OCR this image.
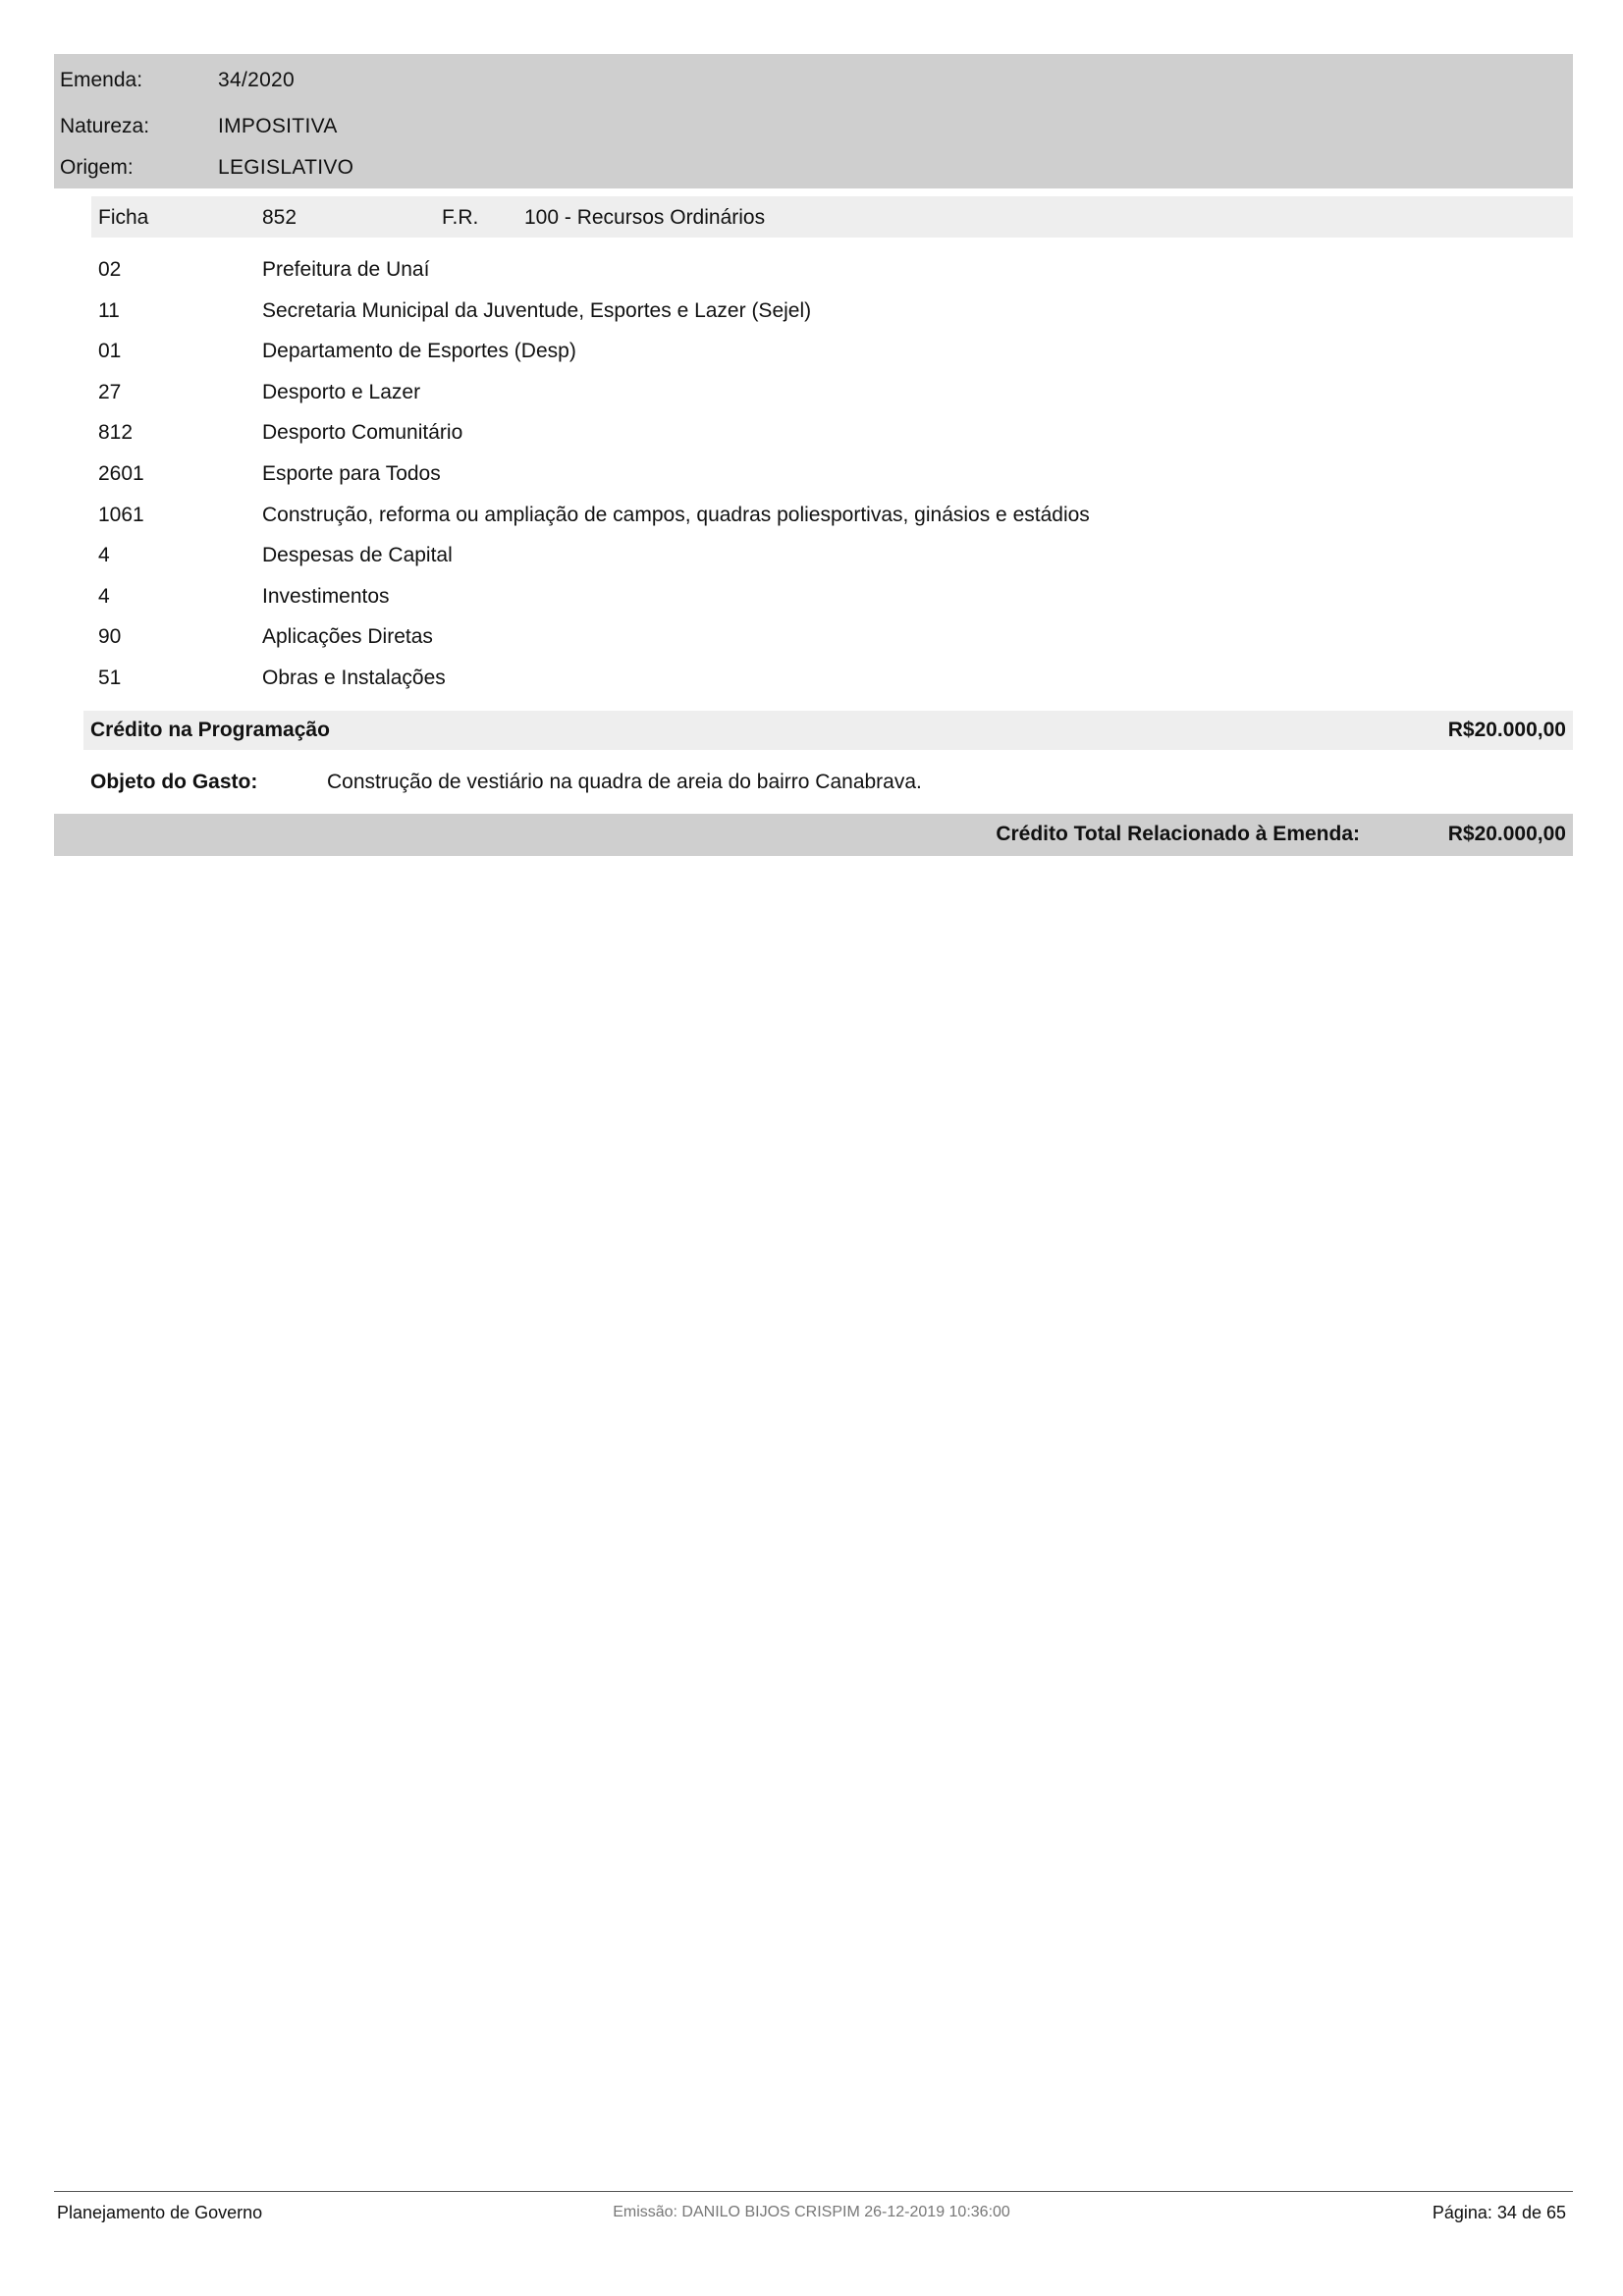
Emenda:	34/2020
Natureza:	IMPOSITIVA
Origem:	LEGISLATIVO
Ficha	852	F.R. 100 - Recursos Ordinários
02	Prefeitura de Unaí
11	Secretaria Municipal da Juventude, Esportes e Lazer (Sejel)
01	Departamento de Esportes (Desp)
27	Desporto e Lazer
812	Desporto Comunitário
2601	Esporte para Todos
1061	Construção, reforma ou ampliação de campos, quadras poliesportivas, ginásios e estádios
4	Despesas de Capital
4	Investimentos
90	Aplicações Diretas
51	Obras e Instalações
Crédito na Programação	R$20.000,00
Objeto do Gasto:	Construção de vestiário na quadra de areia do bairro Canabrava.
Crédito Total Relacionado à Emenda:	R$20.000,00
Planejamento de Governo	Emissão: DANILO BIJOS CRISPIM 26-12-2019 10:36:00	Página: 34 de 65
